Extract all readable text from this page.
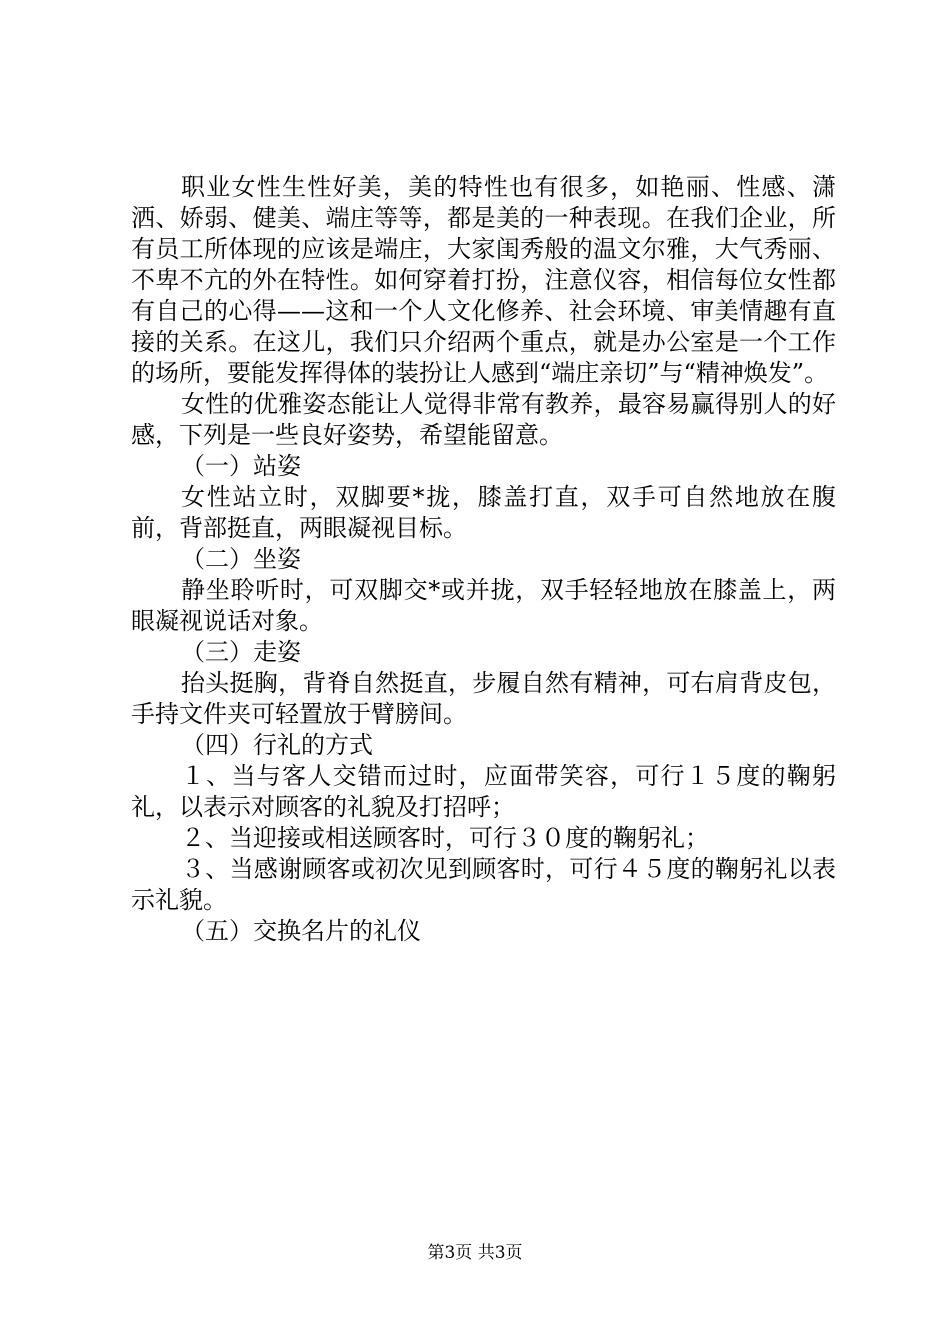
职业女性生性好美，美的特性也有很多，如艳丽、性感、潇洒、娇弱、健美、端庄等等，都是美的一种表现。在我们企业，所有员工所体现的应该是端庄，大家闺秀般的温文尔雅，大气秀丽、不卑不亢的外在特性。如何穿着打扮，注意仪容，相信每位女性都有自己的心得——这和一个人文化修养、社会环境、审美情趣有直接的关系。在这儿，我们只介绍两个重点，就是办公室是一个工作的场所，要能发挥得体的装扮让人感到“端庄亲切”与“精神焕发”。

女性的优雅姿态能让人觉得非常有教养，最容易赢得别人的好感，下列是一些良好姿势，希望能留意。

（一）站姿

女性站立时，双脚要*拢，膝盖打直，双手可自然地放在腹前，背部挺直，两眼凝视目标。

（二）坐姿

静坐聆听时，可双脚交*或并拢，双手轻轻地放在膝盖上，两眼凝视说话对象。

（三）走姿

抬头挺胸，背脊自然挺直，步履自然有精神，可右肩背皮包，手持文件夹可轻置放于臂膀间。

（四）行礼的方式

１、当与客人交错而过时，应面带笑容，可行１５度的鞠躬礼，以表示对顾客的礼貌及打招呼；

２、当迎接或相送顾客时，可行３０度的鞠躬礼；

３、当感谢顾客或初次见到顾客时，可行４５度的鞠躬礼以表示礼貌。

（五）交换名片的礼仪

第3页 共3页
